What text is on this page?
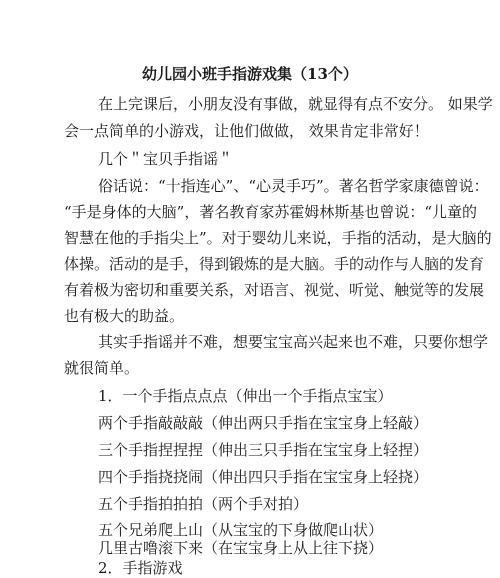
幼儿园小班手指游戏集（13个）
在上完课后，小朋友没有事做，就显得有点不安分。 如果学
会一点简单的小游戏，让他们做做， 效果肯定非常好！
几个＂宝贝手指谣＂
俗话说：“十指连心”、“心灵手巧”。著名哲学家康德曾说：
“手是身体的大脑”，著名教育家苏霍姆林斯基也曾说：“儿童的
智慧在他的手指尖上”。对于婴幼儿来说，手指的活动，是大脑的
体操。活动的是手，得到锻炼的是大脑。手的动作与人脑的发育
有着极为密切和重要关系，对语言、视觉、听觉、触觉等的发展
也有极大的助益。
其实手指谣并不难，想要宝宝高兴起来也不难，只要你想学
就很简单。
1．一个手指点点点（伸出一个手指点宝宝）
两个手指敲敲敲（伸出两只手指在宝宝身上轻敲）
三个手指捏捏捏（伸出三只手指在宝宝身上轻捏）
四个手指挠挠闹（伸出四只手指在宝宝身上轻挠）
五个手指拍拍拍（两个手对拍）
五个兄弟爬上山（从宝宝的下身做爬山状）
几里古噜滚下来（在宝宝身上从上往下挠）
2．手指游戏
